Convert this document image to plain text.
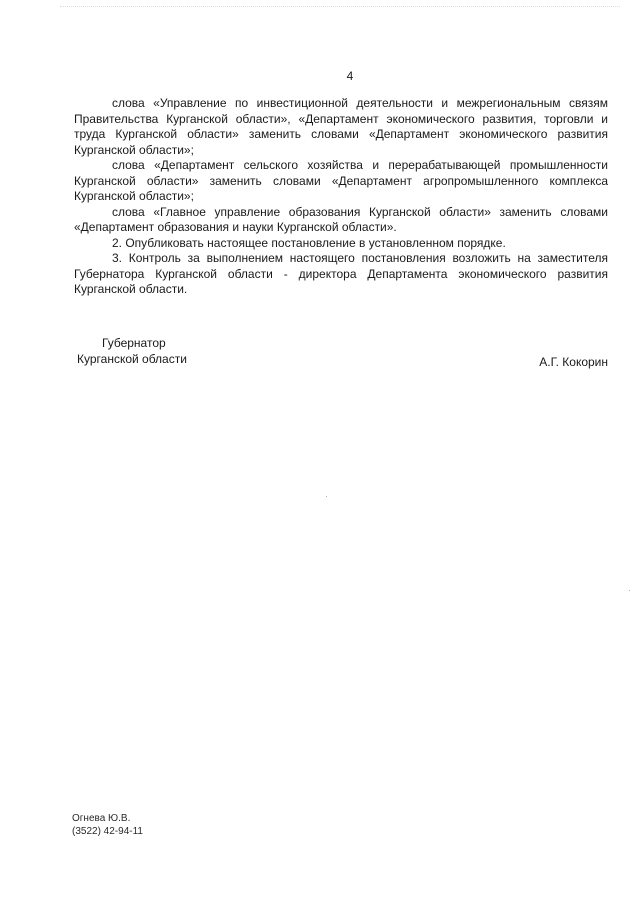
4

слова «Управление по инвестиционной деятельности и межрегиональным связям Правительства Курганской области», «Департамент экономического развития, торговли и труда Курганской области» заменить словами «Департамент экономического развития Курганской области»;

слова «Департамент сельского хозяйства и перерабатывающей промышленности Курганской области» заменить словами «Департамент агропромышленного комплекса Курганской области»;

слова «Главное управление образования Курганской области» заменить словами «Департамент образования и науки Курганской области».

2. Опубликовать настоящее постановление в установленном порядке.

3. Контроль за выполнением настоящего постановления возложить на заместителя Губернатора Курганской области - директора Департамента экономического развития Курганской области.

Губернатор
Курганской области	А.Г. Кокорин
Огнева Ю.В.
(3522) 42-94-11
